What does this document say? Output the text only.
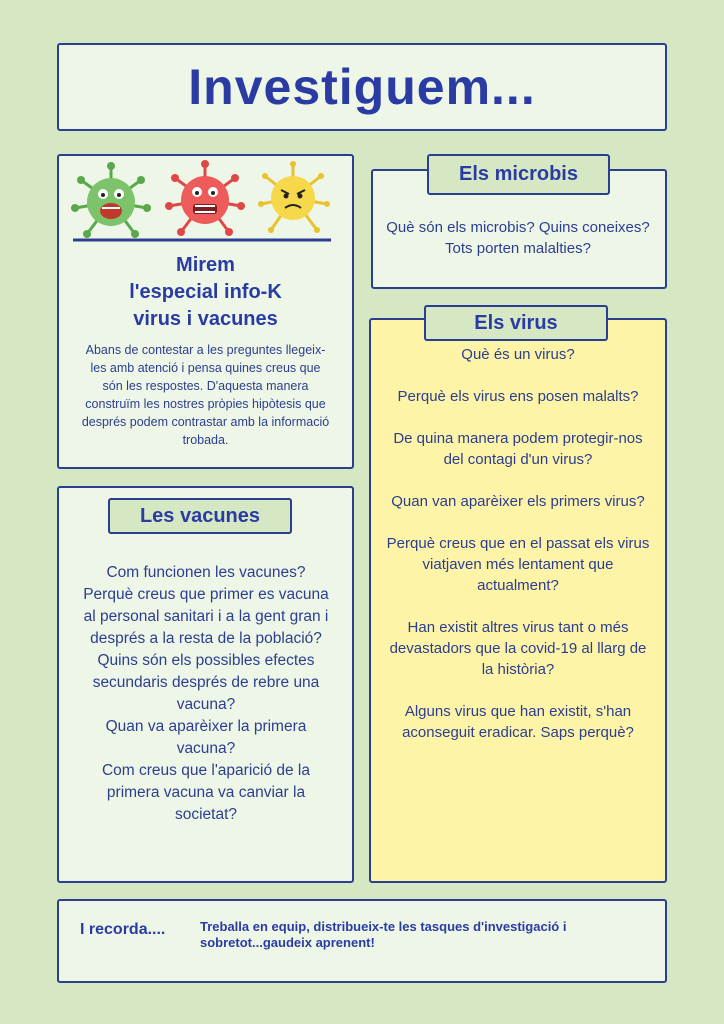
Investiguem...
Mirem
l'especial info-K
virus i vacunes

Abans de contestar a les preguntes llegeix-les amb atenció i pensa quines creus que són les respostes. D'aquesta manera construïm les nostres pròpies hipòtesis que després podem contrastar amb la informació trobada.

Els microbis

Què són els microbis? Quins coneixes? Tots porten malalties?

Els virus

Què és un virus?

Perquè els virus ens posen malalts?

De quina manera podem protegir-nos del contagi d'un virus?

Quan van aparèixer els primers virus?

Perquè creus que en el passat els virus viatjaven més lentament que actualment?

Han existit altres virus tant o més devastadors que la covid-19 al llarg de la història?

Alguns virus que han existit, s'han aconseguit eradicar. Saps perquè?

Les vacunes

Com funcionen les vacunes?

Perquè creus que primer es vacuna al personal sanitari i a la gent gran i després a la resta de la població?

Quins són els possibles efectes secundaris després de rebre una vacuna?

Quan va aparèixer la primera vacuna?

Com creus que l'aparició de la primera vacuna va canviar la societat?

I recorda....	Treballa en equip, distribueix-te les tasques d'investigació i sobretot...gaudeix aprenent!
